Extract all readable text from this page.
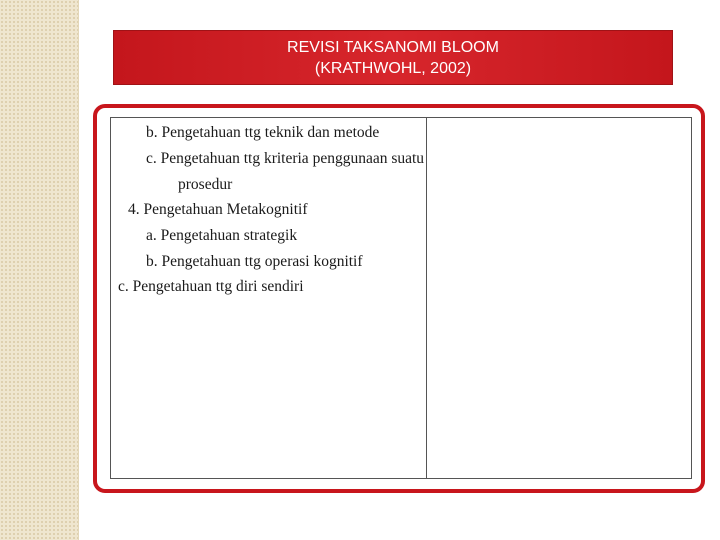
REVISI TAKSANOMI BLOOM
(KRATHWOHL, 2002)
b. Pengetahuan ttg teknik dan metode
c. Pengetahuan ttg kriteria penggunaan suatu
prosedur
4. Pengetahuan Metakognitif
a. Pengetahuan strategik
b. Pengetahuan ttg operasi kognitif
c. Pengetahuan ttg diri sendiri
